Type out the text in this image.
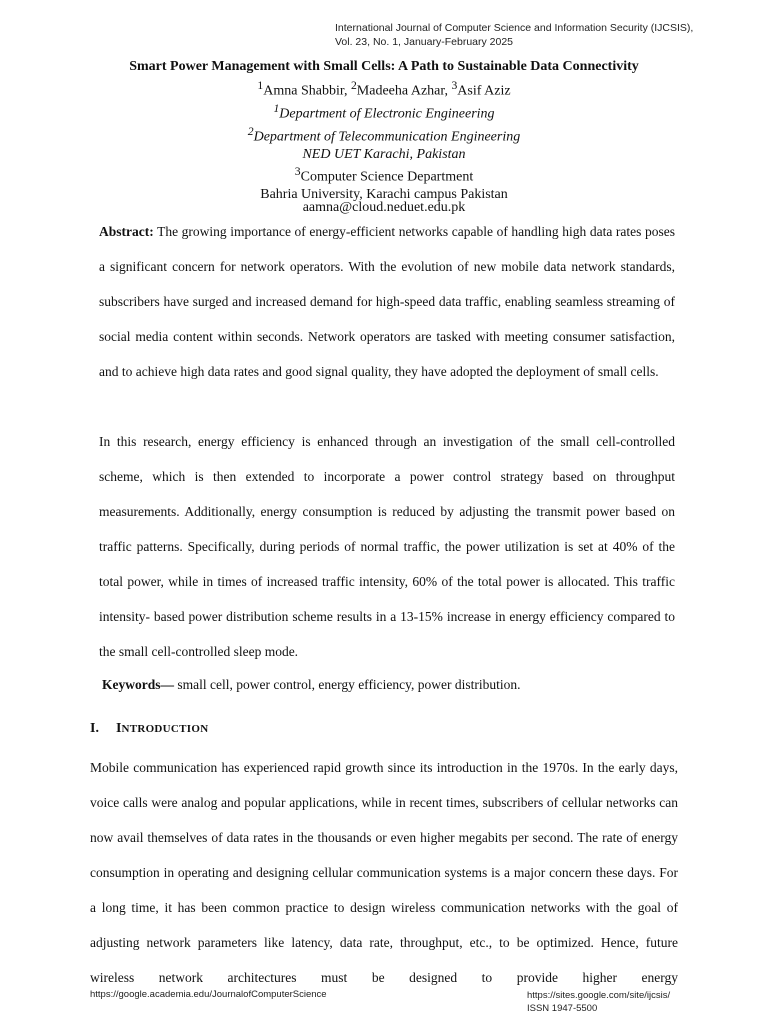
International Journal of Computer Science and Information Security (IJCSIS),
Vol. 23, No. 1, January-February 2025
Smart Power Management with Small Cells: A Path to Sustainable Data Connectivity
$^1$Amna Shabbir, $^2$Madeeha Azhar, $^3$Asif Aziz
$^1$Department of Electronic Engineering
$^2$Department of Telecommunication Engineering
NED UET Karachi, Pakistan
$^3$Computer Science Department
Bahria University, Karachi campus Pakistan
aamna@cloud.neduet.edu.pk
Abstract: The growing importance of energy-efficient networks capable of handling high data rates poses a significant concern for network operators. With the evolution of new mobile data network standards, subscribers have surged and increased demand for high-speed data traffic, enabling seamless streaming of social media content within seconds. Network operators are tasked with meeting consumer satisfaction, and to achieve high data rates and good signal quality, they have adopted the deployment of small cells.
In this research, energy efficiency is enhanced through an investigation of the small cell-controlled scheme, which is then extended to incorporate a power control strategy based on throughput measurements. Additionally, energy consumption is reduced by adjusting the transmit power based on traffic patterns. Specifically, during periods of normal traffic, the power utilization is set at 40% of the total power, while in times of increased traffic intensity, 60% of the total power is allocated. This traffic intensity- based power distribution scheme results in a 13-15% increase in energy efficiency compared to the small cell-controlled sleep mode.
Keywords— small cell, power control, energy efficiency, power distribution.
I. INTRODUCTION
Mobile communication has experienced rapid growth since its introduction in the 1970s. In the early days, voice calls were analog and popular applications, while in recent times, subscribers of cellular networks can now avail themselves of data rates in the thousands or even higher megabits per second. The rate of energy consumption in operating and designing cellular communication systems is a major concern these days. For a long time, it has been common practice to design wireless communication networks with the goal of adjusting network parameters like latency, data rate, throughput, etc., to be optimized. Hence, future wireless network architectures must be designed to provide higher energy
https://google.academia.edu/JournalofComputerScience	https://sites.google.com/site/ijcsis/
ISSN 1947-5500
